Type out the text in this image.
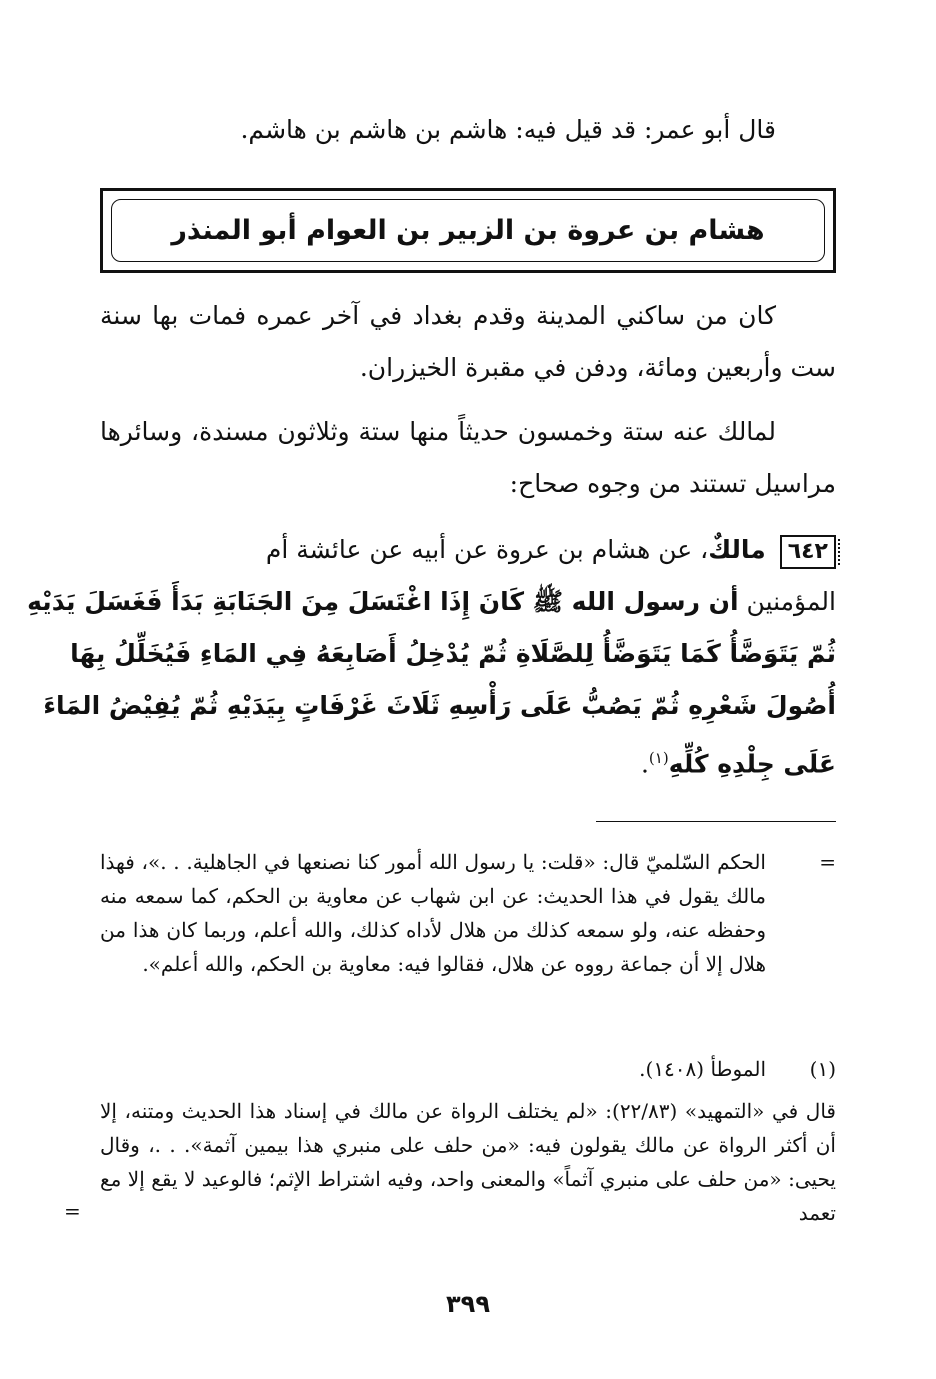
قال أبو عمر: قد قيل فيه: هاشم بن هاشم بن هاشم.
هشام بن عروة بن الزبير بن العوام أبو المنذر
كان من ساكني المدينة وقدم بغداد في آخر عمره فمات بها سنة ست وأربعين ومائة، ودفن في مقبرة الخيزران.
لمالك عنه ستة وخمسون حديثاً منها ستة وثلاثون مسندة، وسائرها مراسيل تستند من وجوه صحاح:
٦٤٢ مالكٌ، عن هشام بن عروة عن أبيه عن عائشة أم
المؤمنين أن رسول الله ﷺ كَانَ إِذَا اغْتَسَلَ مِنَ الجَنَابَةِ بَدَأَ فَغَسَلَ يَدَيْهِ
ثُمّ يَتَوَضَّأُ كَمَا يَتَوَضَّأُ لِلصَّلَاةِ ثُمّ يُدْخِلُ أَصَابِعَهُ فِي المَاءِ فَيُخَلِّلُ بِهَا
أُصُولَ شَعْرِهِ ثُمّ يَصُبُّ عَلَى رَأْسِهِ ثَلَاثَ غَرْفَاتٍ بِيَدَيْهِ ثُمّ يُفِيْضُ المَاءَ
عَلَى جِلْدِهِ كُلِّهِ$^{(١)}$.
=
الحكم السّلميّ قال: «قلت: يا رسول الله أمور كنا نصنعها في الجاهلية. . .»، فهذا مالك يقول في هذا الحديث: عن ابن شهاب عن معاوية بن الحكم، كما سمعه منه وحفظه عنه، ولو سمعه كذلك من هلال لأداه كذلك، والله أعلم، وربما كان هذا من هلال إلا أن جماعة رووه عن هلال، فقالوا فيه: معاوية بن الحكم، والله أعلم».
(١)
الموطأ (١٤٠٨).
قال في «التمهيد» (٢٢/٨٣): «لم يختلف الرواة عن مالك في إسناد هذا الحديث ومتنه، إلا أن أكثر الرواة عن مالك يقولون فيه: «من حلف على منبري هذا بيمين آثمة». . .، وقال يحيى: «من حلف على منبري آثماً» والمعنى واحد، وفيه اشتراط الإثم؛ فالوعيد لا يقع إلا مع تعمد
=
٣٩٩
